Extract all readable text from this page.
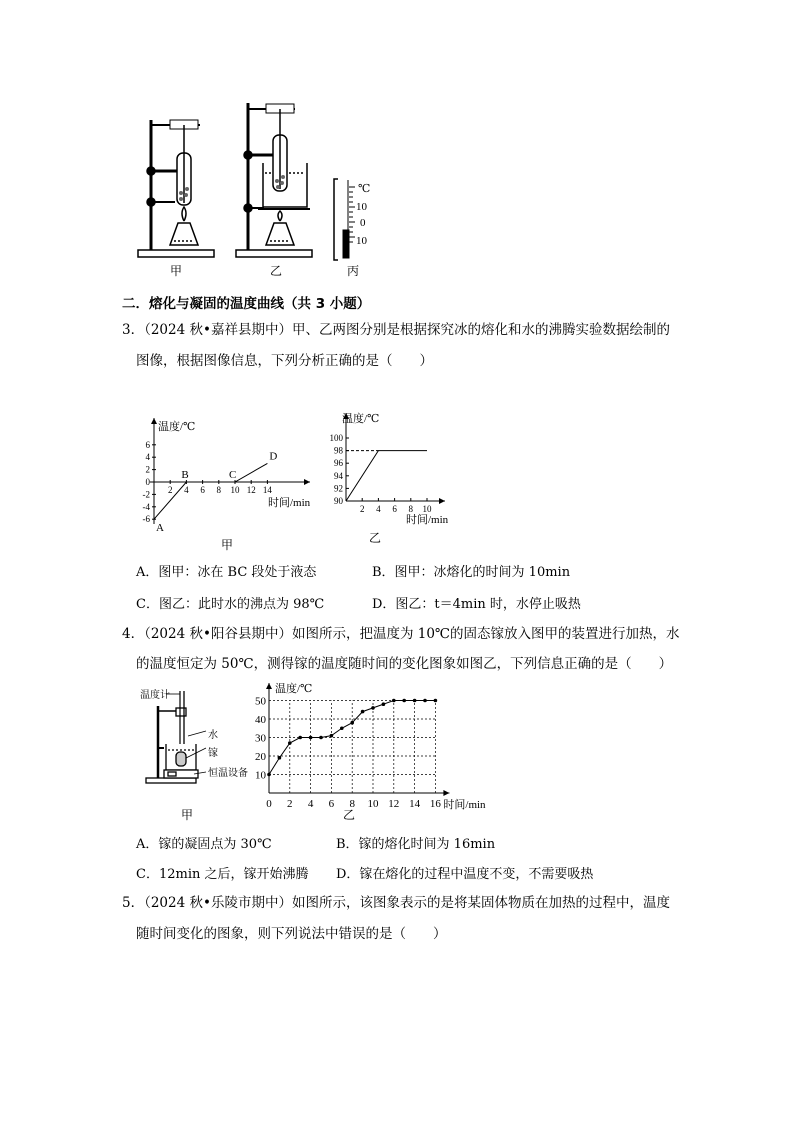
℃
10
0
10
甲	乙	丙
二．熔化与凝固的温度曲线（共 3 小题）
3．（2024 秋•嘉祥县期中）甲、乙两图分别是根据探究冰的熔化和水的沸腾实验数据绘制的
图像，根据图像信息，下列分析正确的是（　　）
温度/℃
时间/min
-6
-4
-2
0
2
4
6
2 4 6 8 10 12 14
A
B	C
D
甲
温度/℃
时间/min
90
92
94
96
98
100
2 4 6 8 10
乙
A．图甲：冰在 BC 段处于液态	B．图甲：冰熔化的时间为 10min
C．图乙：此时水的沸点为 98℃	D．图乙：t＝4min 时，水停止吸热
4．（2024 秋•阳谷县期中）如图所示，把温度为 10℃的固态镓放入图甲的装置进行加热，水
的温度恒定为 50℃，测得镓的温度随时间的变化图象如图乙，下列信息正确的是（　　）
温度计
水
镓
恒温设备
甲
温度/℃
时间/min
10
20
30
40
50
0 2 4 6 8 10 12 14 16
乙
A．镓的凝固点为 30℃	B．镓的熔化时间为 16min
C．12min 之后，镓开始沸腾 D．镓在熔化的过程中温度不变，不需要吸热
5．（2024 秋•乐陵市期中）如图所示，该图象表示的是将某固体物质在加热的过程中，温度
随时间变化的图象，则下列说法中错误的是（　　）
